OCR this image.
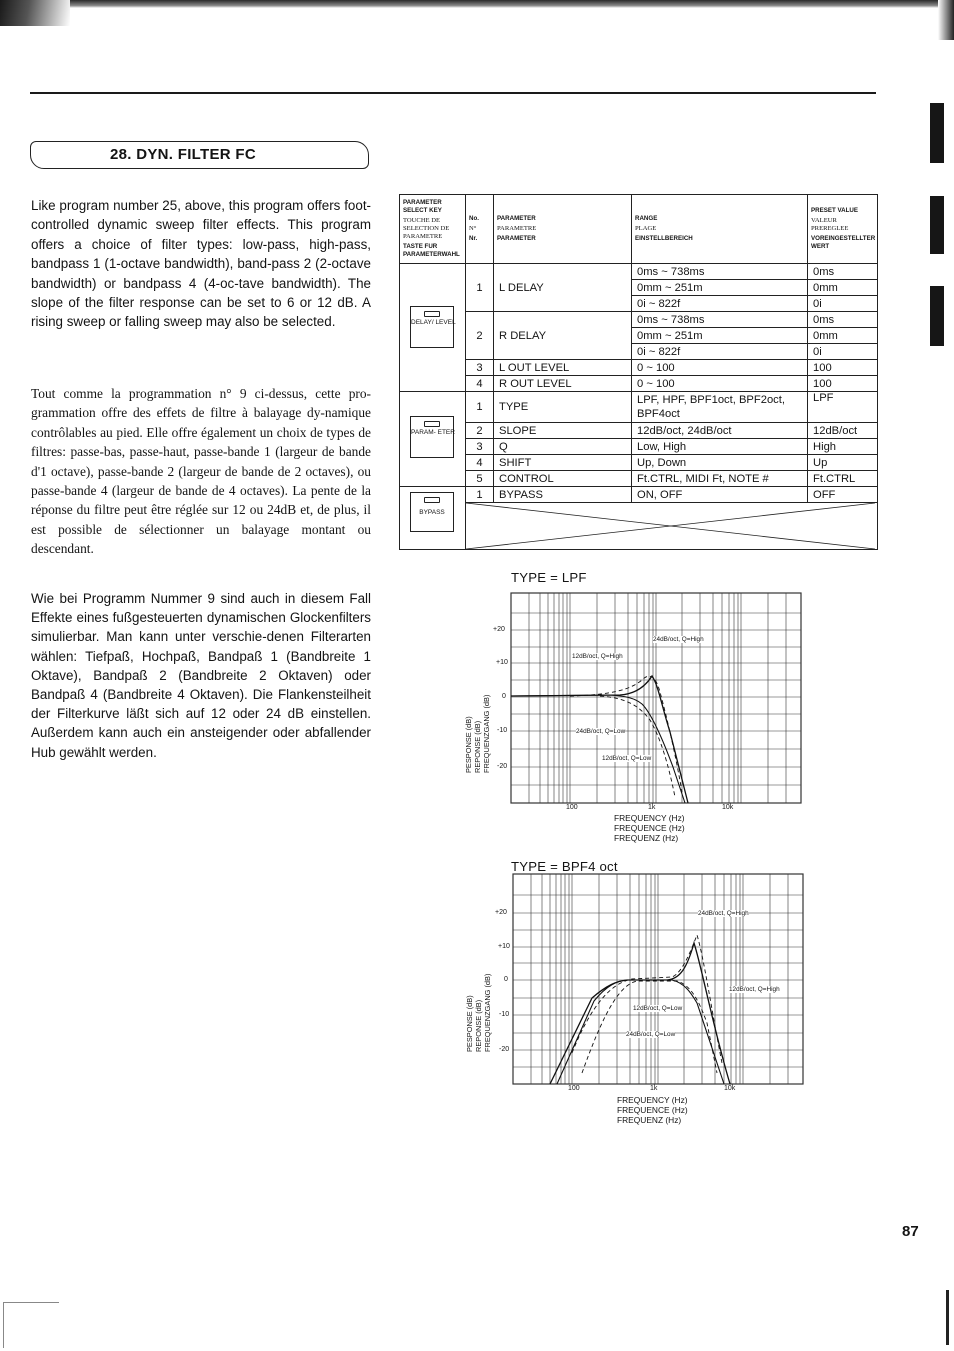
28. DYN. FILTER FC

Like program number 25, above, this program offers foot-controlled dynamic sweep filter effects. This program offers a choice of filter types: low-pass, high-pass, bandpass 1 (1-octave bandwidth), band-pass 2 (2-octave bandwidth) or bandpass 4 (4-oc-tave bandwidth). The slope of the filter response can be set to 6 or 12 dB. A rising sweep or falling sweep may also be selected.

Tout comme la programmation n° 9 ci-dessus, cette pro-grammation offre des effets de filtre à balayage dy-namique contrôlables au pied. Elle offre également un choix de types de filtres: passe-bas, passe-haut, passe-bande 1 (largeur de bande d'1 octave), passe-bande 2 (largeur de bande de 2 octaves), ou passe-bande 4 (largeur de bande de 4 octaves). La pente de la réponse du filtre peut être réglée sur 12 ou 24dB et, de plus, il est possible de sélectionner un balayage montant ou descendant.

Wie bei Programm Nummer 9 sind auch in diesem Fall Effekte eines fußgesteuerten dynamischen Glockenfilters simulierbar. Man kann unter verschie-denen Filterarten wählen: Tiefpaß, Hochpaß, Bandpaß 1 (Bandbreite 1 Oktave), Bandpaß 2 (Bandbreite 2 Oktaven) oder Bandpaß 4 (Bandbreite 4 Oktaven). Die Flankensteilheit der Filterkurve läßt sich auf 12 oder 24 dB einstellen. Außerdem kann auch ein ansteigender oder abfallender Hub gewählt werden.

PARAMETER SELECT KEY
TOUCHE DE SELECTION DE PARAMETRE
TASTE FUR PARAMETERWAHL	No.
N°
Nr.	PARAMETER
PARAMETRE
PARAMETER	RANGE
PLAGE
EINSTELLBEREICH	PRESET VALUE
VALEUR PREREGLEE
VOREINGESTELLTER WERT

DELAY/ LEVEL	1	L DELAY	0ms ~ 738ms	0ms
			0mm ~ 251m	0mm
			0i ~ 822f	0i
	2	R DELAY	0ms ~ 738ms	0ms
			0mm ~ 251m	0mm
			0i ~ 822f	0i
	3	L OUT LEVEL	0 ~ 100	100
	4	R OUT LEVEL	0 ~ 100	100

PARAM- ETER	1	TYPE	LPF, HPF, BPF1oct, BPF2oct, BPF4oct	LPF
	2	SLOPE	12dB/oct, 24dB/oct	12dB/oct
	3	Q	Low, High	High
	4	SHIFT	Up, Down	Up
	5	CONTROL	Ft.CTRL, MIDI Ft, NOTE #	Ft.CTRL

BYPASS	1	BYPASS	ON, OFF	OFF

TYPE = LPF
24dB/oct, Q=High
12dB/oct, Q=High
24dB/oct, Q=Low
12dB/oct, Q=Low
+20
+10
0
-10
-20
100	1k	10k
PESPONSE (dB) REPONSE (dB) FREQUENZGANG (dB)
FREQUENCY (Hz)
FREQUENCE (Hz)
FREQUENZ (Hz)
TYPE = BPF4 oct
24dB/oct, Q=High
12dB/oct, Q=High
12dB/oct, Q=Low
24dB/oct, Q=Low
+20
+10
0
-10
-20
100	1k	10k
PESPONSE (dB) REPONSE (dB) FREQUENZGANG (dB)
FREQUENCY (Hz)
FREQUENCE (Hz)
FREQUENZ (Hz)
87
